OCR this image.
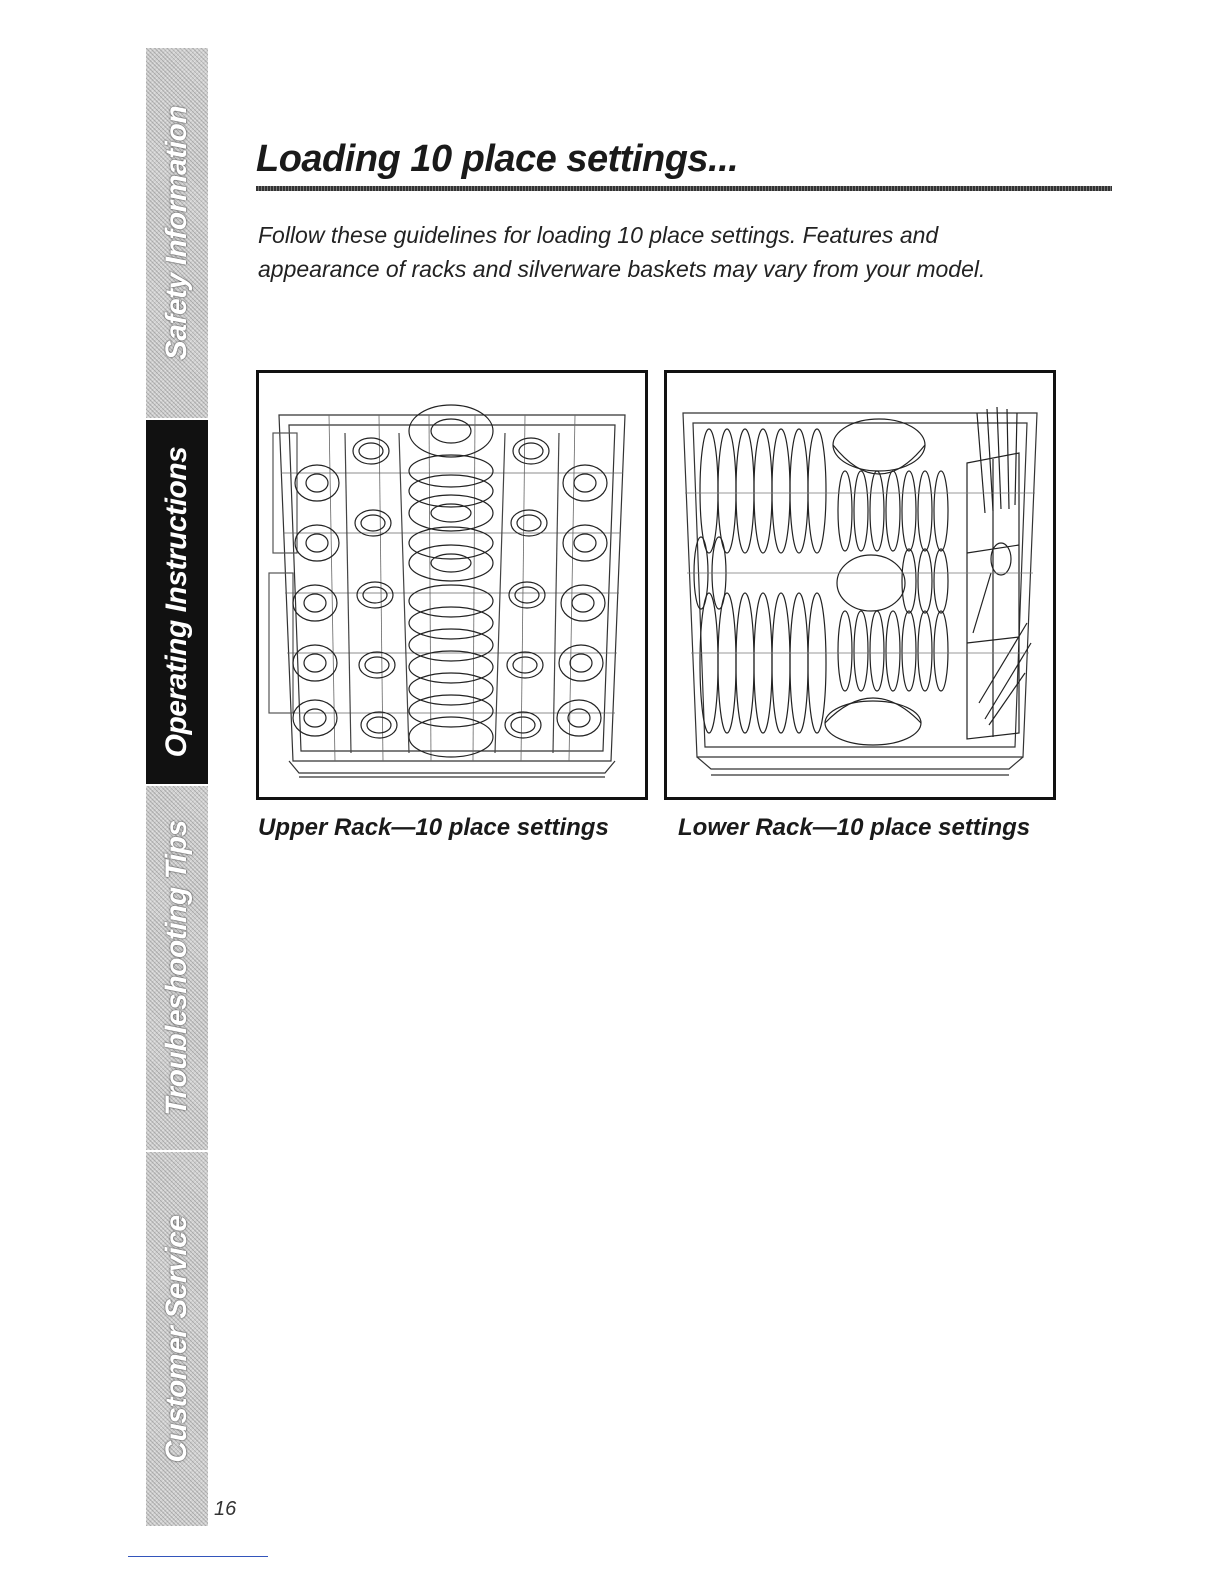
Safety Information
Operating Instructions
Troubleshooting Tips
Customer Service
16
Loading 10 place settings...

Follow these guidelines for loading 10 place settings. Features and
appearance of racks and silverware baskets may vary from your model.

Upper Rack—10 place settings	Lower Rack—10 place settings
